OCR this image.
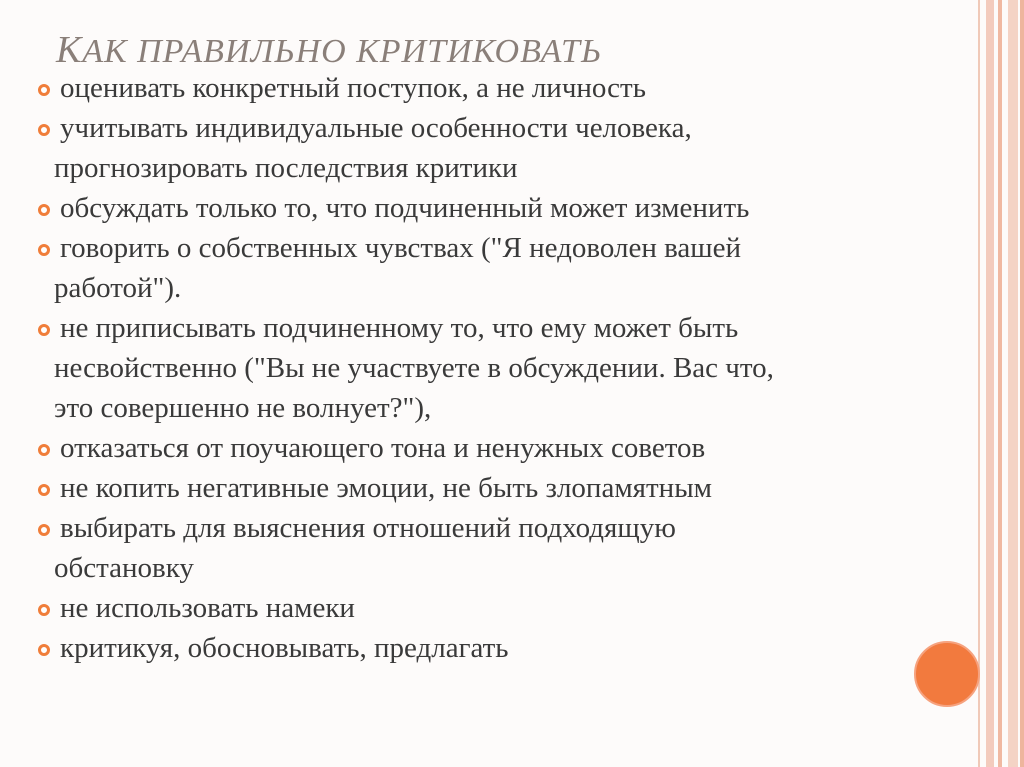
КАК ПРАВИЛЬНО КРИТИКОВАТЬ
оценивать конкретный поступок, а не личность
учитывать индивидуальные особенности человека,
прогнозировать последствия критики
обсуждать только то, что подчиненный может изменить
говорить о собственных чувствах ("Я недоволен вашей
работой").
не приписывать подчиненному то, что ему может быть
несвойственно ("Вы не участвуете в обсуждении. Вас что,
это совершенно не волнует?"),
отказаться от поучающего тона и ненужных советов
не копить негативные эмоции, не быть злопамятным
выбирать для выяснения отношений подходящую
обстановку
не использовать намеки
критикуя, обосновывать, предлагать
